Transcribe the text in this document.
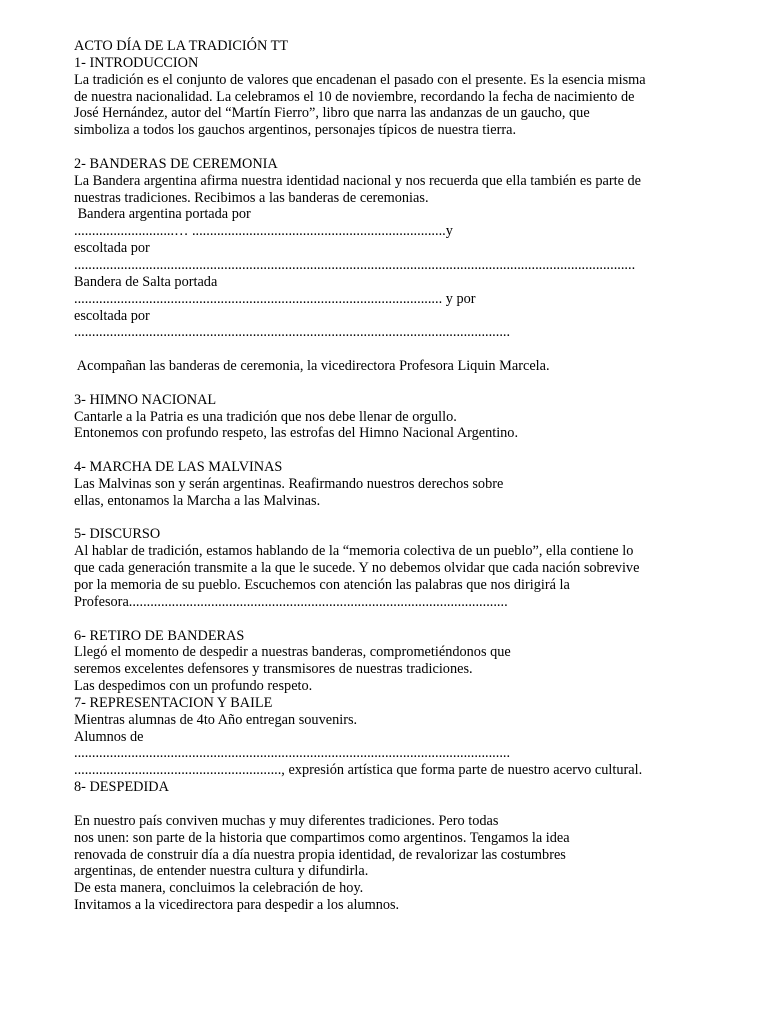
ACTO DÍA DE LA TRADICIÓN TT
1- INTRODUCCION
La tradición es el conjunto de valores que encadenan el pasado con el presente. Es la esencia misma
de nuestra nacionalidad. La celebramos el 10 de noviembre, recordando la fecha de nacimiento de
José Hernández, autor del “Martín Fierro”, libro que narra las andanzas de un gaucho, que
simboliza a todos los gauchos argentinos, personajes típicos de nuestra tierra.
2- BANDERAS DE CEREMONIA
La Bandera argentina afirma nuestra identidad nacional y nos recuerda que ella también es parte de
nuestras tradiciones. Recibimos a las banderas de ceremonias.
Bandera argentina portada por
............................… .......................................................................y
escoltada por
.............................................................................................................................................................
Bandera de Salta portada
....................................................................................................... y por
escoltada por
..........................................................................................................................
Acompañan las banderas de ceremonia, la vicedirectora Profesora Liquin Marcela.
3- HIMNO NACIONAL
Cantarle a la Patria es una tradición que nos debe llenar de orgullo.
Entonemos con profundo respeto, las estrofas del Himno Nacional Argentino.
4- MARCHA DE LAS MALVINAS
Las Malvinas son y serán argentinas. Reafirmando nuestros derechos sobre
ellas, entonamos la Marcha a las Malvinas.
5- DISCURSO
Al hablar de tradición, estamos hablando de la “memoria colectiva de un pueblo”, ella contiene lo
que cada generación transmite a la que le sucede. Y no debemos olvidar que cada nación sobrevive
por la memoria de su pueblo. Escuchemos con atención las palabras que nos dirigirá la
Profesora..........................................................................................................
6- RETIRO DE BANDERAS
Llegó el momento de despedir a nuestras banderas, comprometiéndonos que
seremos excelentes defensores y transmisores de nuestras tradiciones.
Las despedimos con un profundo respeto.
7- REPRESENTACION Y BAILE
Mientras alumnas de 4to Año entregan souvenirs.
Alumnos de
..........................................................................................................................
.........................................................., expresión artística que forma parte de nuestro acervo cultural.
8- DESPEDIDA
En nuestro país conviven muchas y muy diferentes tradiciones. Pero todas
nos unen: son parte de la historia que compartimos como argentinos. Tengamos la idea
renovada de construir día a día nuestra propia identidad, de revalorizar las costumbres
argentinas, de entender nuestra cultura y difundirla.
De esta manera, concluimos la celebración de hoy.
Invitamos a la vicedirectora para despedir a los alumnos.
